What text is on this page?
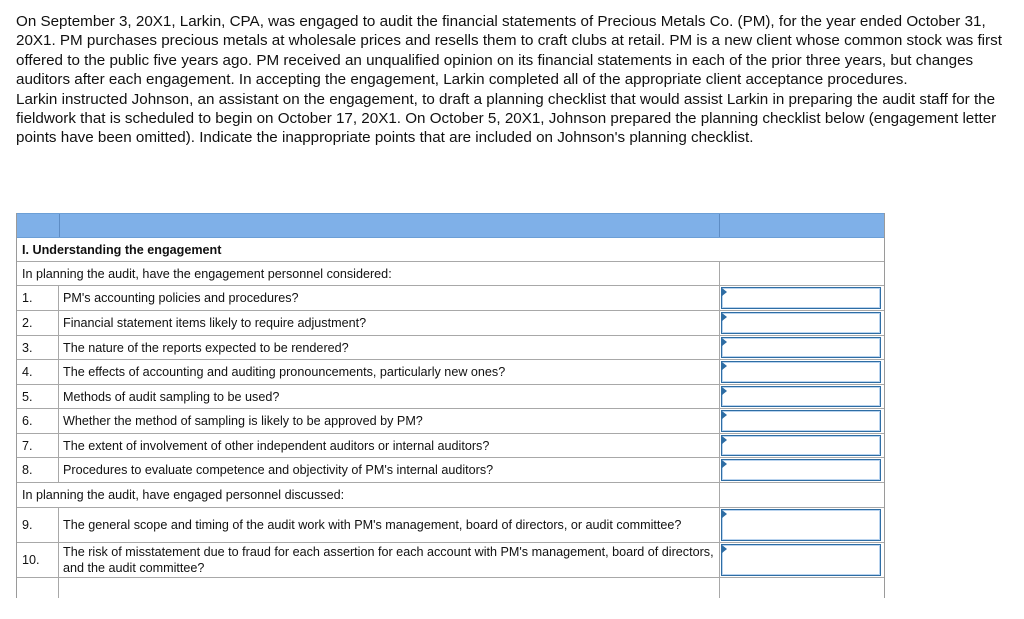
On September 3, 20X1, Larkin, CPA, was engaged to audit the financial statements of Precious Metals Co. (PM), for the year ended October 31, 20X1. PM purchases precious metals at wholesale prices and resells them to craft clubs at retail. PM is a new client whose common stock was first offered to the public five years ago. PM received an unqualified opinion on its financial statements in each of the prior three years, but changes auditors after each engagement. In accepting the engagement, Larkin completed all of the appropriate client acceptance procedures.

Larkin instructed Johnson, an assistant on the engagement, to draft a planning checklist that would assist Larkin in preparing the audit staff for the fieldwork that is scheduled to begin on October 17, 20X1. On October 5, 20X1, Johnson prepared the planning checklist below (engagement letter points have been omitted). Indicate the inappropriate points that are included on Johnson's planning checklist.

I. Understanding the engagement
In planning the audit, have the engagement personnel considered:
1. PM's accounting policies and procedures?
2. Financial statement items likely to require adjustment?
3. The nature of the reports expected to be rendered?
4. The effects of accounting and auditing pronouncements, particularly new ones?
5. Methods of audit sampling to be used?
6. Whether the method of sampling is likely to be approved by PM?
7. The extent of involvement of other independent auditors or internal auditors?
8. Procedures to evaluate competence and objectivity of PM's internal auditors?
In planning the audit, have engaged personnel discussed:
9. The general scope and timing of the audit work with PM's management, board of directors, or audit committee?
10.
The risk of misstatement due to fraud for each assertion for each account with PM's management, board of directors, and the audit committee?
